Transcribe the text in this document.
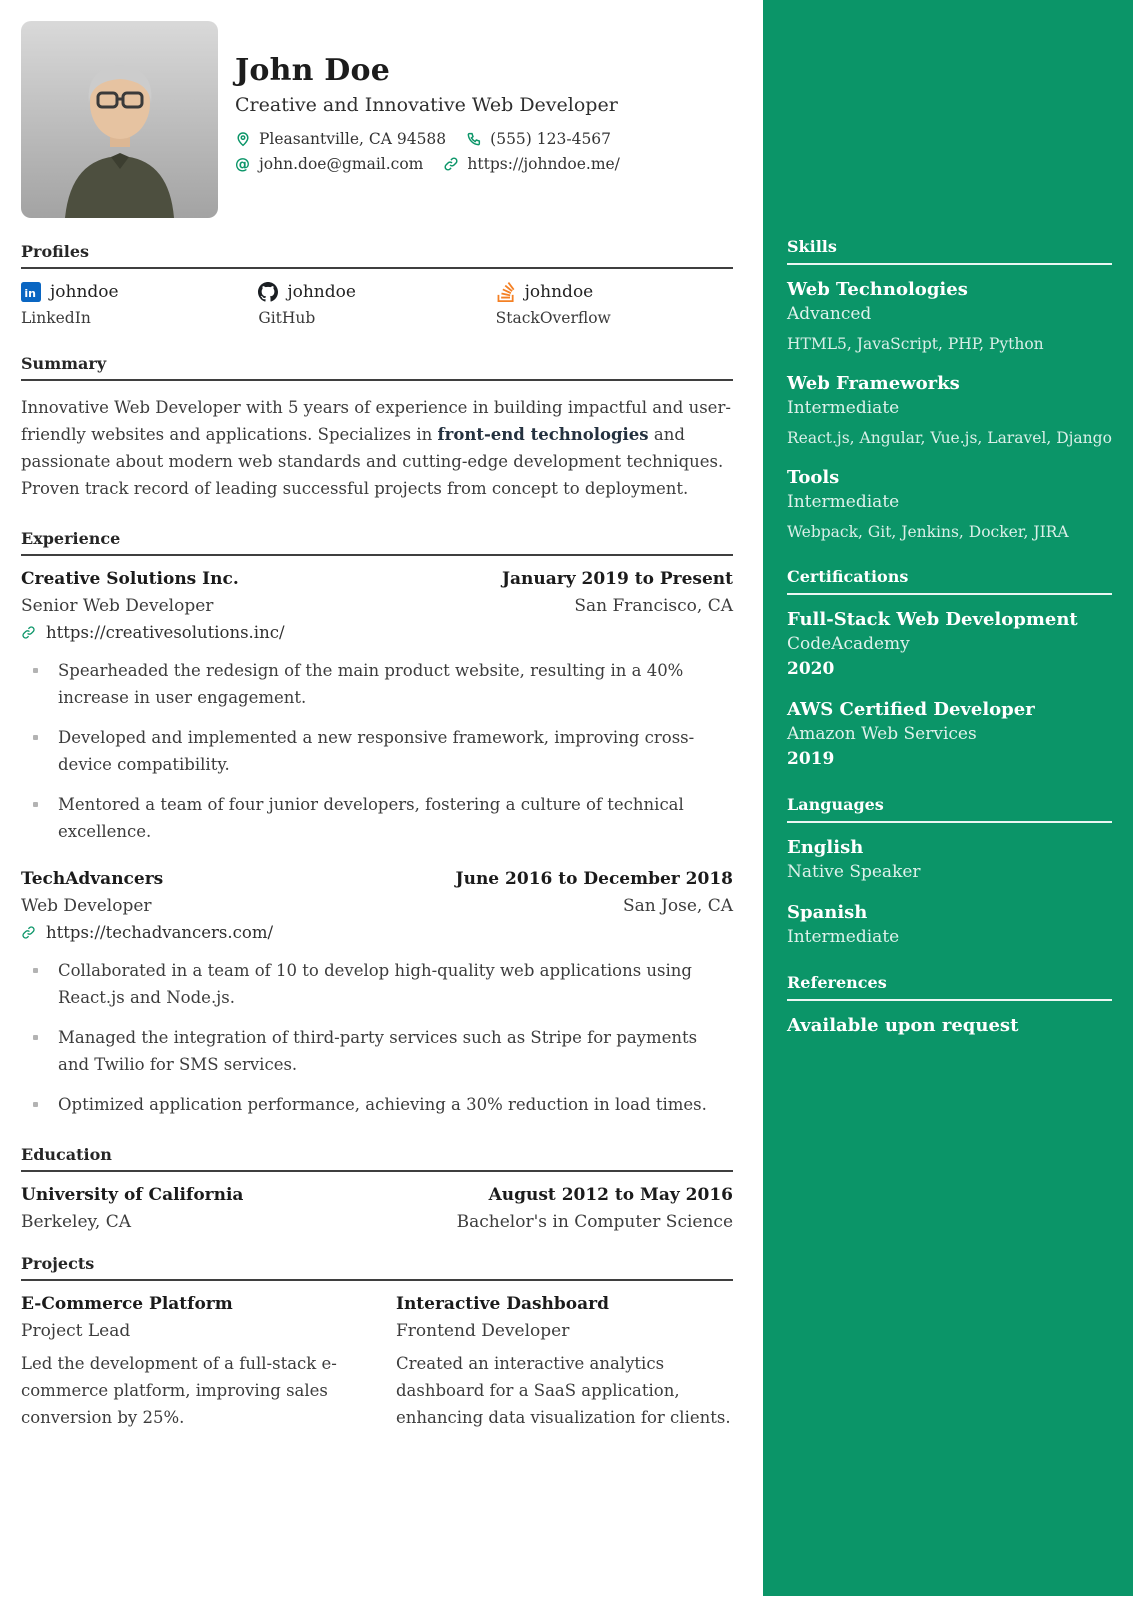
John Doe
Creative and Innovative Web Developer
Pleasantville, CA 94588	(555) 123-4567
@ john.doe@gmail.com	https://johndoe.me/
Profiles
in johndoe
LinkedIn
johndoe
GitHub
johndoe
StackOverflow
Summary

Innovative Web Developer with 5 years of experience in building impactful and user-friendly websites and applications. Specializes in front-end technologies and passionate about modern web standards and cutting-edge development techniques. Proven track record of leading successful projects from concept to deployment.

Experience
Creative Solutions Inc.	January 2019 to Present
Senior Web Developer	San Francisco, CA
https://creativesolutions.inc/
Spearheaded the redesign of the main product website, resulting in a 40% increase in user engagement.
Developed and implemented a new responsive framework, improving cross-device compatibility.
Mentored a team of four junior developers, fostering a culture of technical excellence.
TechAdvancers	June 2016 to December 2018
Web Developer	San Jose, CA
https://techadvancers.com/
Collaborated in a team of 10 to develop high-quality web applications using React.js and Node.js.
Managed the integration of third-party services such as Stripe for payments and Twilio for SMS services.
Optimized application performance, achieving a 30% reduction in load times.
Education
University of California	August 2012 to May 2016
Berkeley, CA	Bachelor's in Computer Science
Projects
E-Commerce Platform
Project Lead
Led the development of a full-stack e-commerce platform, improving sales conversion by 25%.
Interactive Dashboard
Frontend Developer
Created an interactive analytics dashboard for a SaaS application, enhancing data visualization for clients.
Skills
Web Technologies
Advanced
HTML5, JavaScript, PHP, Python
Web Frameworks
Intermediate
React.js, Angular, Vue.js, Laravel, Django
Tools
Intermediate
Webpack, Git, Jenkins, Docker, JIRA
Certifications
Full-Stack Web Development
CodeAcademy
2020
AWS Certified Developer
Amazon Web Services
2019
Languages
English
Native Speaker
Spanish
Intermediate
References
Available upon request
